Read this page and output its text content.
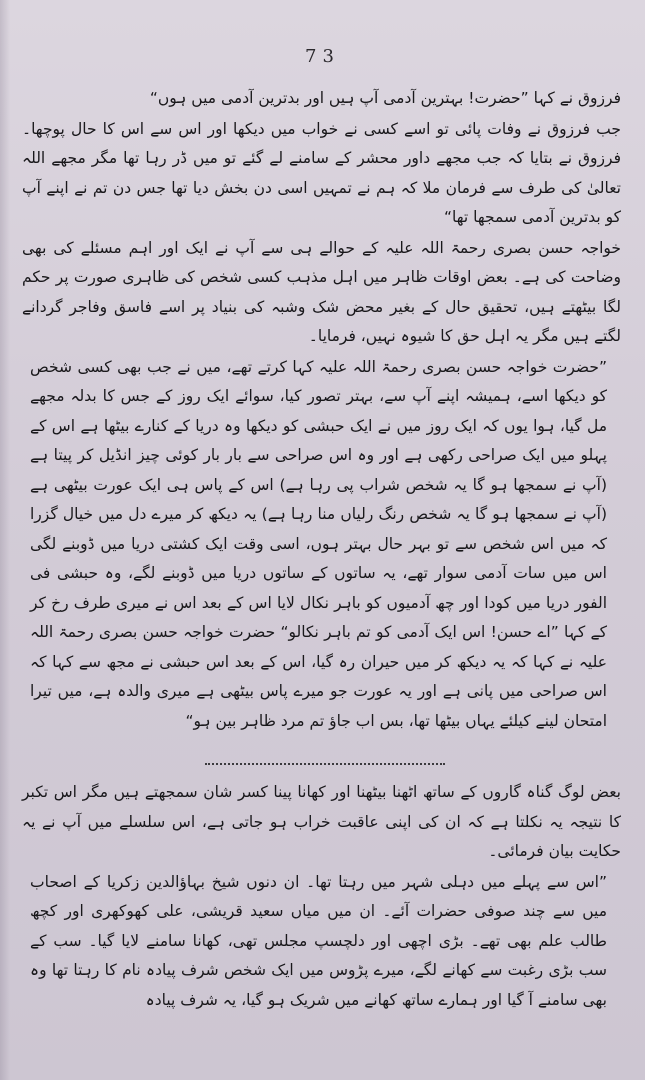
73

فرزوق نے کہا ”حضرت! بہترین آدمی آپ ہیں اور بدترین آدمی میں ہوں“

جب فرزوق نے وفات پائی تو اسے کسی نے خواب میں دیکھا اور اس سے اس کا حال پوچھا۔ فرزوق نے بتایا کہ جب مجھے داور محشر کے سامنے لے گئے تو میں ڈر رہا تھا مگر مجھے اللہ تعالیٰ کی طرف سے فرمان ملا کہ ہم نے تمہیں اسی دن بخش دیا تھا جس دن تم نے اپنے آپ کو بدترین آدمی سمجھا تھا“

خواجہ حسن بصری رحمۃ اللہ علیہ کے حوالے ہی سے آپ نے ایک اور اہم مسئلے کی بھی وضاحت کی ہے۔ بعض اوقات ظاہر میں اہل مذہب کسی شخص کی ظاہری صورت پر حکم لگا بیٹھتے ہیں، تحقیق حال کے بغیر محض شک وشبہ کی بنیاد پر اسے فاسق وفاجر گردانے لگتے ہیں مگر یہ اہل حق کا شیوہ نہیں، فرمایا۔

”حضرت خواجہ حسن بصری رحمۃ اللہ علیہ کہا کرتے تھے، میں نے جب بھی کسی شخص کو دیکھا اسے، ہمیشہ اپنے آپ سے، بہتر تصور کیا، سوائے ایک روز کے جس کا بدلہ مجھے مل گیا، ہوا یوں کہ ایک روز میں نے ایک حبشی کو دیکھا وہ دریا کے کنارے بیٹھا ہے اس کے پہلو میں ایک صراحی رکھی ہے اور وہ اس صراحی سے بار بار کوئی چیز انڈیل کر پیتا ہے (آپ نے سمجھا ہو گا یہ شخص شراب پی رہا ہے) اس کے پاس ہی ایک عورت بیٹھی ہے (آپ نے سمجھا ہو گا یہ شخص رنگ رلیاں منا رہا ہے) یہ دیکھ کر میرے دل میں خیال گزرا کہ میں اس شخص سے تو بہر حال بہتر ہوں، اسی وقت ایک کشتی دریا میں ڈوبنے لگی اس میں سات آدمی سوار تھے، یہ ساتوں کے ساتوں دریا میں ڈوبنے لگے، وہ حبشی فی الفور دریا میں کودا اور چھ آدمیوں کو باہر نکال لایا اس کے بعد اس نے میری طرف رخ کر کے کہا ”اے حسن! اس ایک آدمی کو تم باہر نکالو“ حضرت خواجہ حسن بصری رحمۃ اللہ علیہ نے کہا کہ یہ دیکھ کر میں حیران رہ گیا، اس کے بعد اس حبشی نے مجھ سے کہا کہ اس صراحی میں پانی ہے اور یہ عورت جو میرے پاس بیٹھی ہے میری والدہ ہے، میں تیرا امتحان لینے کیلئے یہاں بیٹھا تھا، بس اب جاؤ تم مرد ظاہر بین ہو“

بعض لوگ گناہ گاروں کے ساتھ اٹھنا بیٹھنا اور کھانا پینا کسر شان سمجھتے ہیں مگر اس تکبر کا نتیجہ یہ نکلتا ہے کہ ان کی اپنی عاقبت خراب ہو جاتی ہے، اس سلسلے میں آپ نے یہ حکایت بیان فرمائی۔

”اس سے پہلے میں دہلی شہر میں رہتا تھا۔ ان دنوں شیخ بہاؤالدین زکریا کے اصحاب میں سے چند صوفی حضرات آئے۔ ان میں میاں سعید قریشی، علی کھوکھری اور کچھ طالب علم بھی تھے۔ بڑی اچھی اور دلچسپ مجلس تھی، کھانا سامنے لایا گیا۔ سب کے سب بڑی رغبت سے کھانے لگے، میرے پڑوس میں ایک شخص شرف پیادہ نام کا رہتا تھا وہ بھی سامنے آ گیا اور ہمارے ساتھ کھانے میں شریک ہو گیا، یہ شرف پیادہ
